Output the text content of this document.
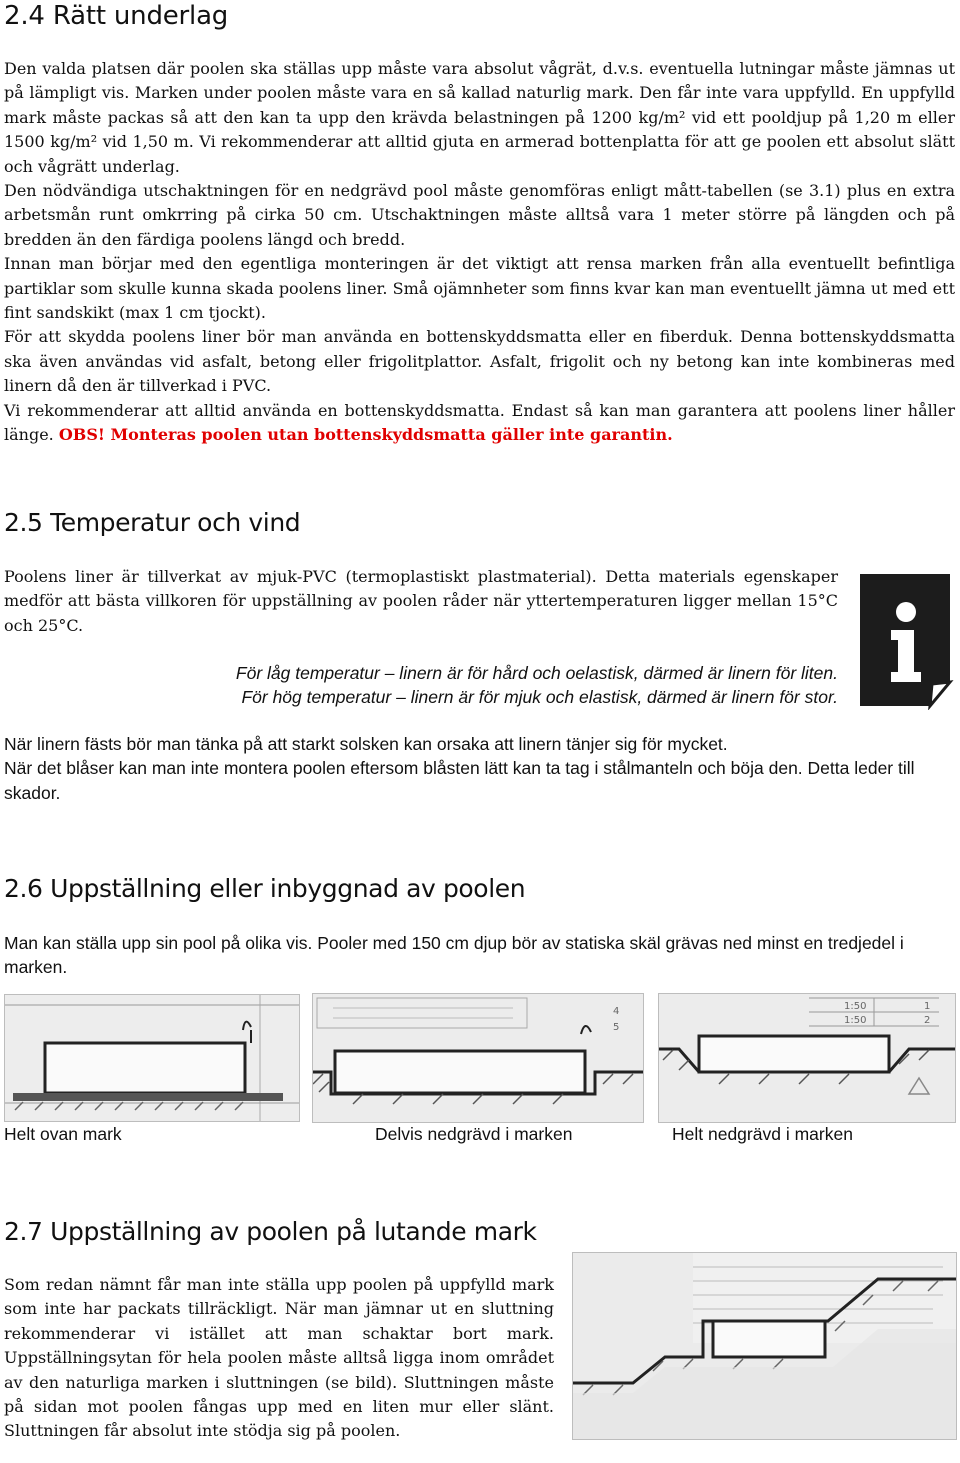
2.4 Rätt underlag

Den valda platsen där poolen ska ställas upp måste vara absolut vågrät, d.v.s. eventuella lutningar måste jämnas ut på lämpligt vis. Marken under poolen måste vara en så kallad naturlig mark. Den får inte vara uppfylld. En uppfylld mark måste packas så att den kan ta upp den krävda belastningen på 1200 kg/m² vid ett pooldjup på 1,20 m eller 1500 kg/m² vid 1,50 m. Vi rekommenderar att alltid gjuta en armerad bottenplatta för att ge poolen ett absolut slätt och vågrätt underlag.

Den nödvändiga utschaktningen för en nedgrävd pool måste genomföras enligt mått-tabellen (se 3.1) plus en extra arbetsmån runt omkrring på cirka 50 cm. Utschaktningen måste alltså vara 1 meter större på längden och på bredden än den färdiga poolens längd och bredd.

Innan man börjar med den egentliga monteringen är det viktigt att rensa marken från alla eventuellt befintliga partiklar som skulle kunna skada poolens liner. Små ojämnheter som finns kvar kan man eventuellt jämna ut med ett fint sandskikt (max 1 cm tjockt).

För att skydda poolens liner bör man använda en bottenskyddsmatta eller en fiberduk. Denna bottenskyddsmatta ska även användas vid asfalt, betong eller frigolitplattor. Asfalt, frigolit och ny betong kan inte kombineras med linern då den är tillverkad i PVC.

Vi rekommenderar att alltid använda en bottenskyddsmatta. Endast så kan man garantera att poolens liner håller länge. OBS! Monteras poolen utan bottenskyddsmatta gäller inte garantin.

2.5 Temperatur och vind

Poolens liner är tillverkat av mjuk-PVC (termoplastiskt plastmaterial). Detta materials egenskaper medför att bästa villkoren för uppställning av poolen råder när yttertemperaturen ligger mellan 15°C och 25°C.

För låg temperatur – linern är för hård och oelastisk, därmed är linern för liten.
För hög temperatur – linern är för mjuk och elastisk, därmed är linern för stor.
När linern fästs bör man tänka på att starkt solsken kan orsaka att linern tänjer sig för mycket.
När det blåser kan man inte montera poolen eftersom blåsten lätt kan ta tag i stålmanteln och böja den. Detta leder till skador.
2.6 Uppställning eller inbyggnad av poolen
Man kan ställa upp sin pool på olika vis. Pooler med 150 cm djup bör av statiska skäl grävas ned minst en tredjedel i marken.
4
5
1:50
1:50
1
2
Helt ovan mark	Delvis nedgrävd i marken	Helt nedgrävd i marken
2.7 Uppställning av poolen på lutande mark

Som redan nämnt får man inte ställa upp poolen på uppfylld mark som inte har packats tillräckligt. När man jämnar ut en sluttning rekommenderar vi istället att man schaktar bort mark. Uppställningsytan för hela poolen måste alltså ligga inom området av den naturliga marken i sluttningen (se bild). Sluttningen måste på sidan mot poolen fångas upp med en liten mur eller slänt. Sluttningen får absolut inte stödja sig på poolen.
